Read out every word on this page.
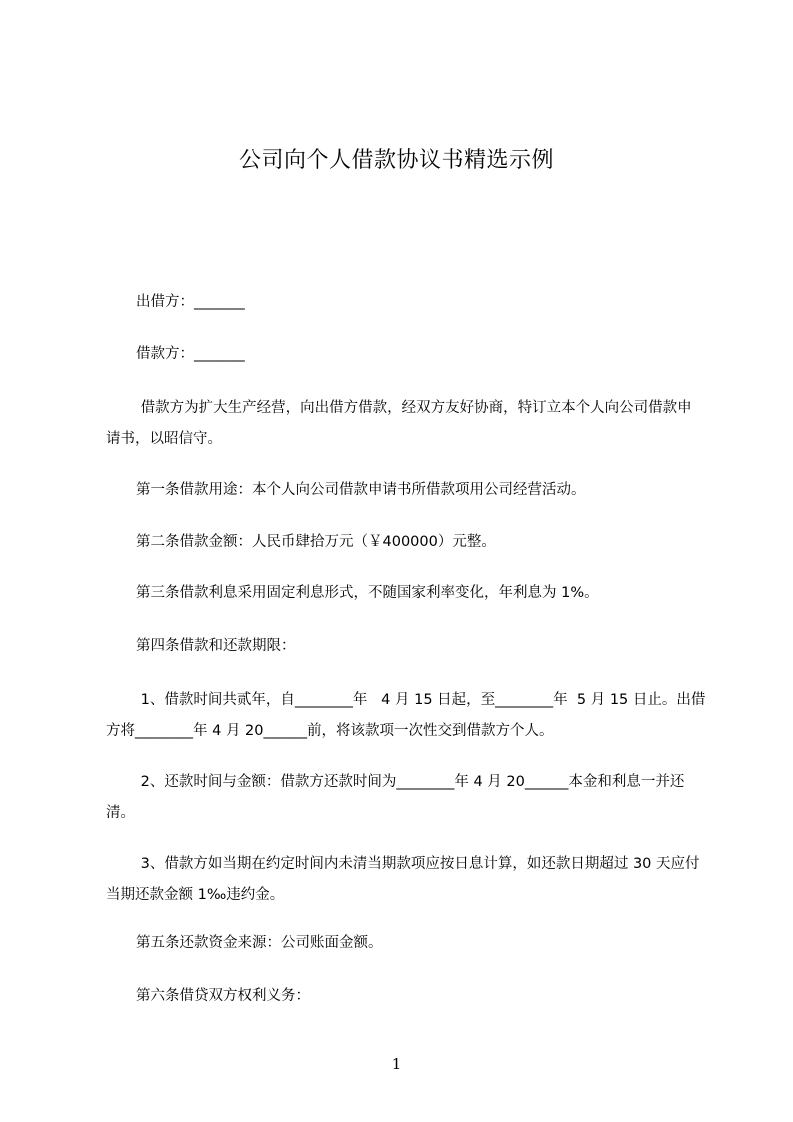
公司向个人借款协议书精选示例
出借方：_______
借款方：_______
借款方为扩大生产经营，向出借方借款，经双方友好协商，特订立本个人向公司借款申请书，以昭信守。
第一条借款用途：本个人向公司借款申请书所借款项用公司经营活动。
第二条借款金额：人民币肆拾万元（￥400000）元整。
第三条借款利息采用固定利息形式，不随国家利率变化，年利息为 1%。
第四条借款和还款期限：
1、借款时间共贰年，自________年   4 月 15 日起，至________年  5 月 15 日止。出借方将________年 4 月 20______前，将该款项一次性交到借款方个人。
2、还款时间与金额：借款方还款时间为________年 4 月 20______本金和利息一并还清。
3、借款方如当期在约定时间内未清当期款项应按日息计算，如还款日期超过 30 天应付当期还款金额 1‰违约金。
第五条还款资金来源：公司账面金额。
第六条借贷双方权利义务：
1
